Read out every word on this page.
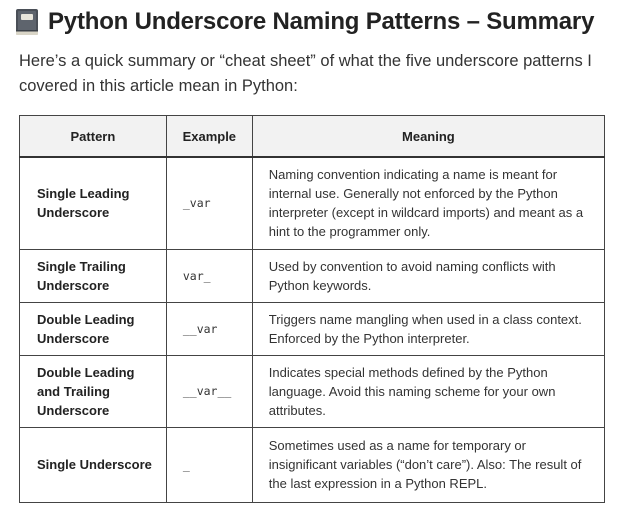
Python Underscore Naming Patterns – Summary

Here’s a quick summary or “cheat sheet” of what the five underscore patterns I covered in this article mean in Python:

Pattern	Example	Meaning
Single Leading Underscore	_var	Naming convention indicating a name is meant for internal use. Generally not enforced by the Python interpreter (except in wildcard imports) and meant as a hint to the programmer only.
Single Trailing Underscore	var_	Used by convention to avoid naming conflicts with Python keywords.
Double Leading Underscore	__var	Triggers name mangling when used in a class context. Enforced by the Python interpreter.
Double Leading and Trailing Underscore	__var__	Indicates special methods defined by the Python language. Avoid this naming scheme for your own attributes.
Single Underscore	_	Sometimes used as a name for temporary or insignificant variables (“don’t care”). Also: The result of the last expression in a Python REPL.
